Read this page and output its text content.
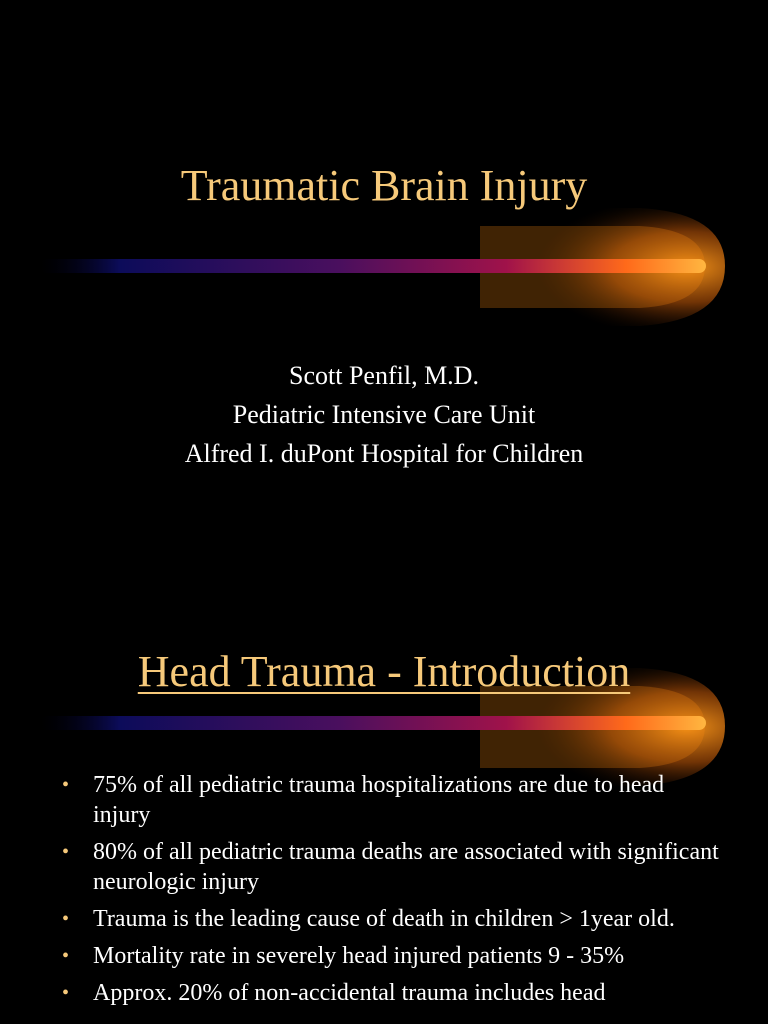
Traumatic Brain Injury
Scott Penfil, M.D.
Pediatric Intensive Care Unit
Alfred I. duPont Hospital for Children
Head Trauma - Introduction
• 75% of all pediatric trauma hospitalizations are due to head injury
• 80% of all pediatric trauma deaths are associated with significant neurologic injury
• Trauma is the leading cause of death in children > 1year old.
• Mortality rate in severely head injured patients 9 - 35%
• Approx. 20% of non-accidental trauma includes head
